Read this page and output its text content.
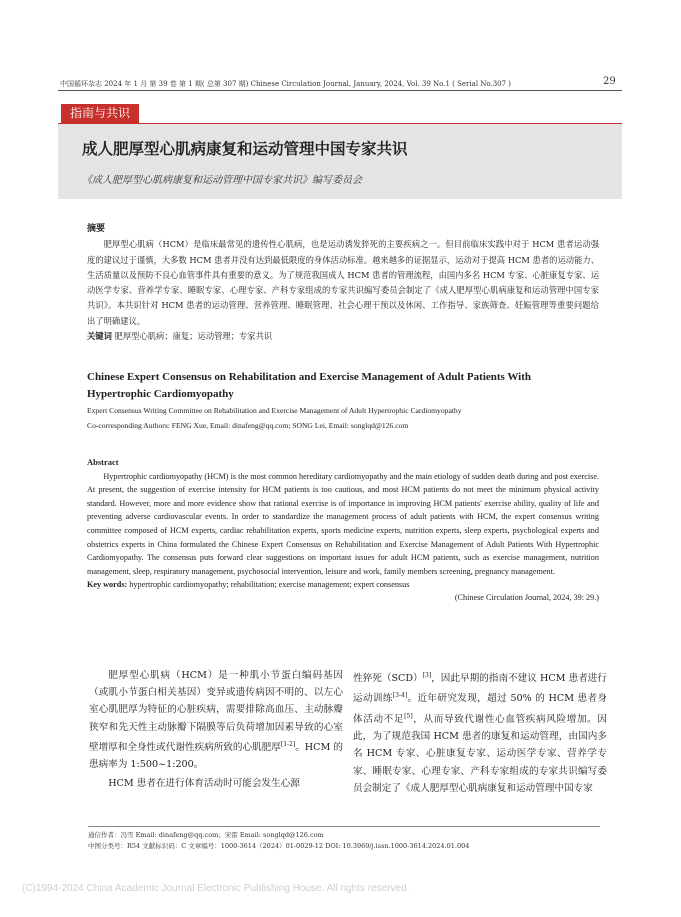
中国循环杂志 2024 年 1 月 第 39 卷 第 1 期( 总第 307 期) Chinese Circulation Journal, January, 2024, Vol. 39 No.1 ( Serial No.307 )	29
指南与共识
成人肥厚型心肌病康复和运动管理中国专家共识
《成人肥厚型心肌病康复和运动管理中国专家共识》编写委员会
摘要

肥厚型心肌病（HCM）是临床最常见的遗传性心肌病，也是运动诱发猝死的主要疾病之一。但目前临床实践中对于 HCM 患者运动强度的建议过于谨慎，大多数 HCM 患者并没有达到最低限度的身体活动标准。越来越多的证据显示，运动对于提高 HCM 患者的运动能力、生活质量以及预防不良心血管事件具有重要的意义。为了规范我国成人 HCM 患者的管理流程，由国内多名 HCM 专家、心脏康复专家、运动医学专家、营养学专家、睡眠专家、心理专家、产科专家组成的专家共识编写委员会制定了《成人肥厚型心肌病康复和运动管理中国专家共识》。本共识针对 HCM 患者的运动管理、营养管理、睡眠管理、社会心理干预以及休闲、工作指导、家族筛查、妊娠管理等重要问题给出了明确建议。

关键词 肥厚型心肌病；康复；运动管理；专家共识
Chinese Expert Consensus on Rehabilitation and Exercise Management of Adult Patients With Hypertrophic Cardiomyopathy
Expert Consensus Writing Committee on Rehabilitation and Exercise Management of Adult Hypertrophic Cardiomyopathy
Co-corresponding Authors: FENG Xue, Email: dinafeng@qq.com; SONG Lei, Email: songlqd@126.com
Abstract

Hypertrophic cardiomyopathy (HCM) is the most common hereditary cardiomyopathy and the main etiology of sudden death during and post exercise. At present, the suggestion of exercise intensity for HCM patients is too cautious, and most HCM patients do not meet the minimum physical activity standard. However, more and more evidence show that rational exercise is of importance in improving HCM patients' exercise ability, quality of life and preventing adverse cardiovascular events. In order to standardize the management process of adult patients with HCM, the expert consensus writing committee composed of HCM experts, cardiac rehabilitation experts, sports medicine experts, nutrition experts, sleep experts, psychological experts and obstetrics experts in China formulated the Chinese Expert Consensus on Rehabilitation and Exercise Management of Adult Patients With Hypertrophic Cardiomyopathy. The consensus puts forward clear suggestions on important issues for adult HCM patients, such as exercise management, nutrition management, sleep, respiratory management, psychosocial intervention, leisure and work, family members screening, pregnancy management.

Key words: hypertrophic cardiomyopathy; rehabilitation; exercise management; expert consensus
(Chinese Circulation Journal, 2024, 39: 29.)

肥厚型心肌病（HCM）是一种肌小节蛋白编码基因（或肌小节蛋白相关基因）变异或遗传病因不明的、以左心室心肌肥厚为特征的心脏疾病，需要排除高血压、主动脉瓣狭窄和先天性主动脉瓣下隔膜等后负荷增加因素导致的心室壁增厚和全身性或代谢性疾病所致的心肌肥厚[1-2]。HCM 的患病率为 1:500~1:200。

HCM 患者在进行体育活动时可能会发生心源

性猝死（SCD）[3]，因此早期的指南不建议 HCM 患者进行运动训练[3-4]。近年研究发现，超过 50% 的 HCM 患者身体活动不足[5]，从而导致代谢性心血管疾病风险增加。因此，为了规范我国 HCM 患者的康复和运动管理，由国内多名 HCM 专家、心脏康复专家、运动医学专家、营养学专家、睡眠专家、心理专家、产科专家组成的专家共识编写委员会制定了《成人肥厚型心肌病康复和运动管理中国专家

通信作者：冯雪 Email: dinafeng@qq.com；宋雷 Email: songlqd@126.com
中图分类号：R54 文献标识码：C 文章编号：1000-3614（2024）01-0029-12 DOI: 10.3969/j.issn.1000-3614.2024.01.004
(C)1994-2024 China Academic Journal Electronic Publishing House. All rights reserved.
